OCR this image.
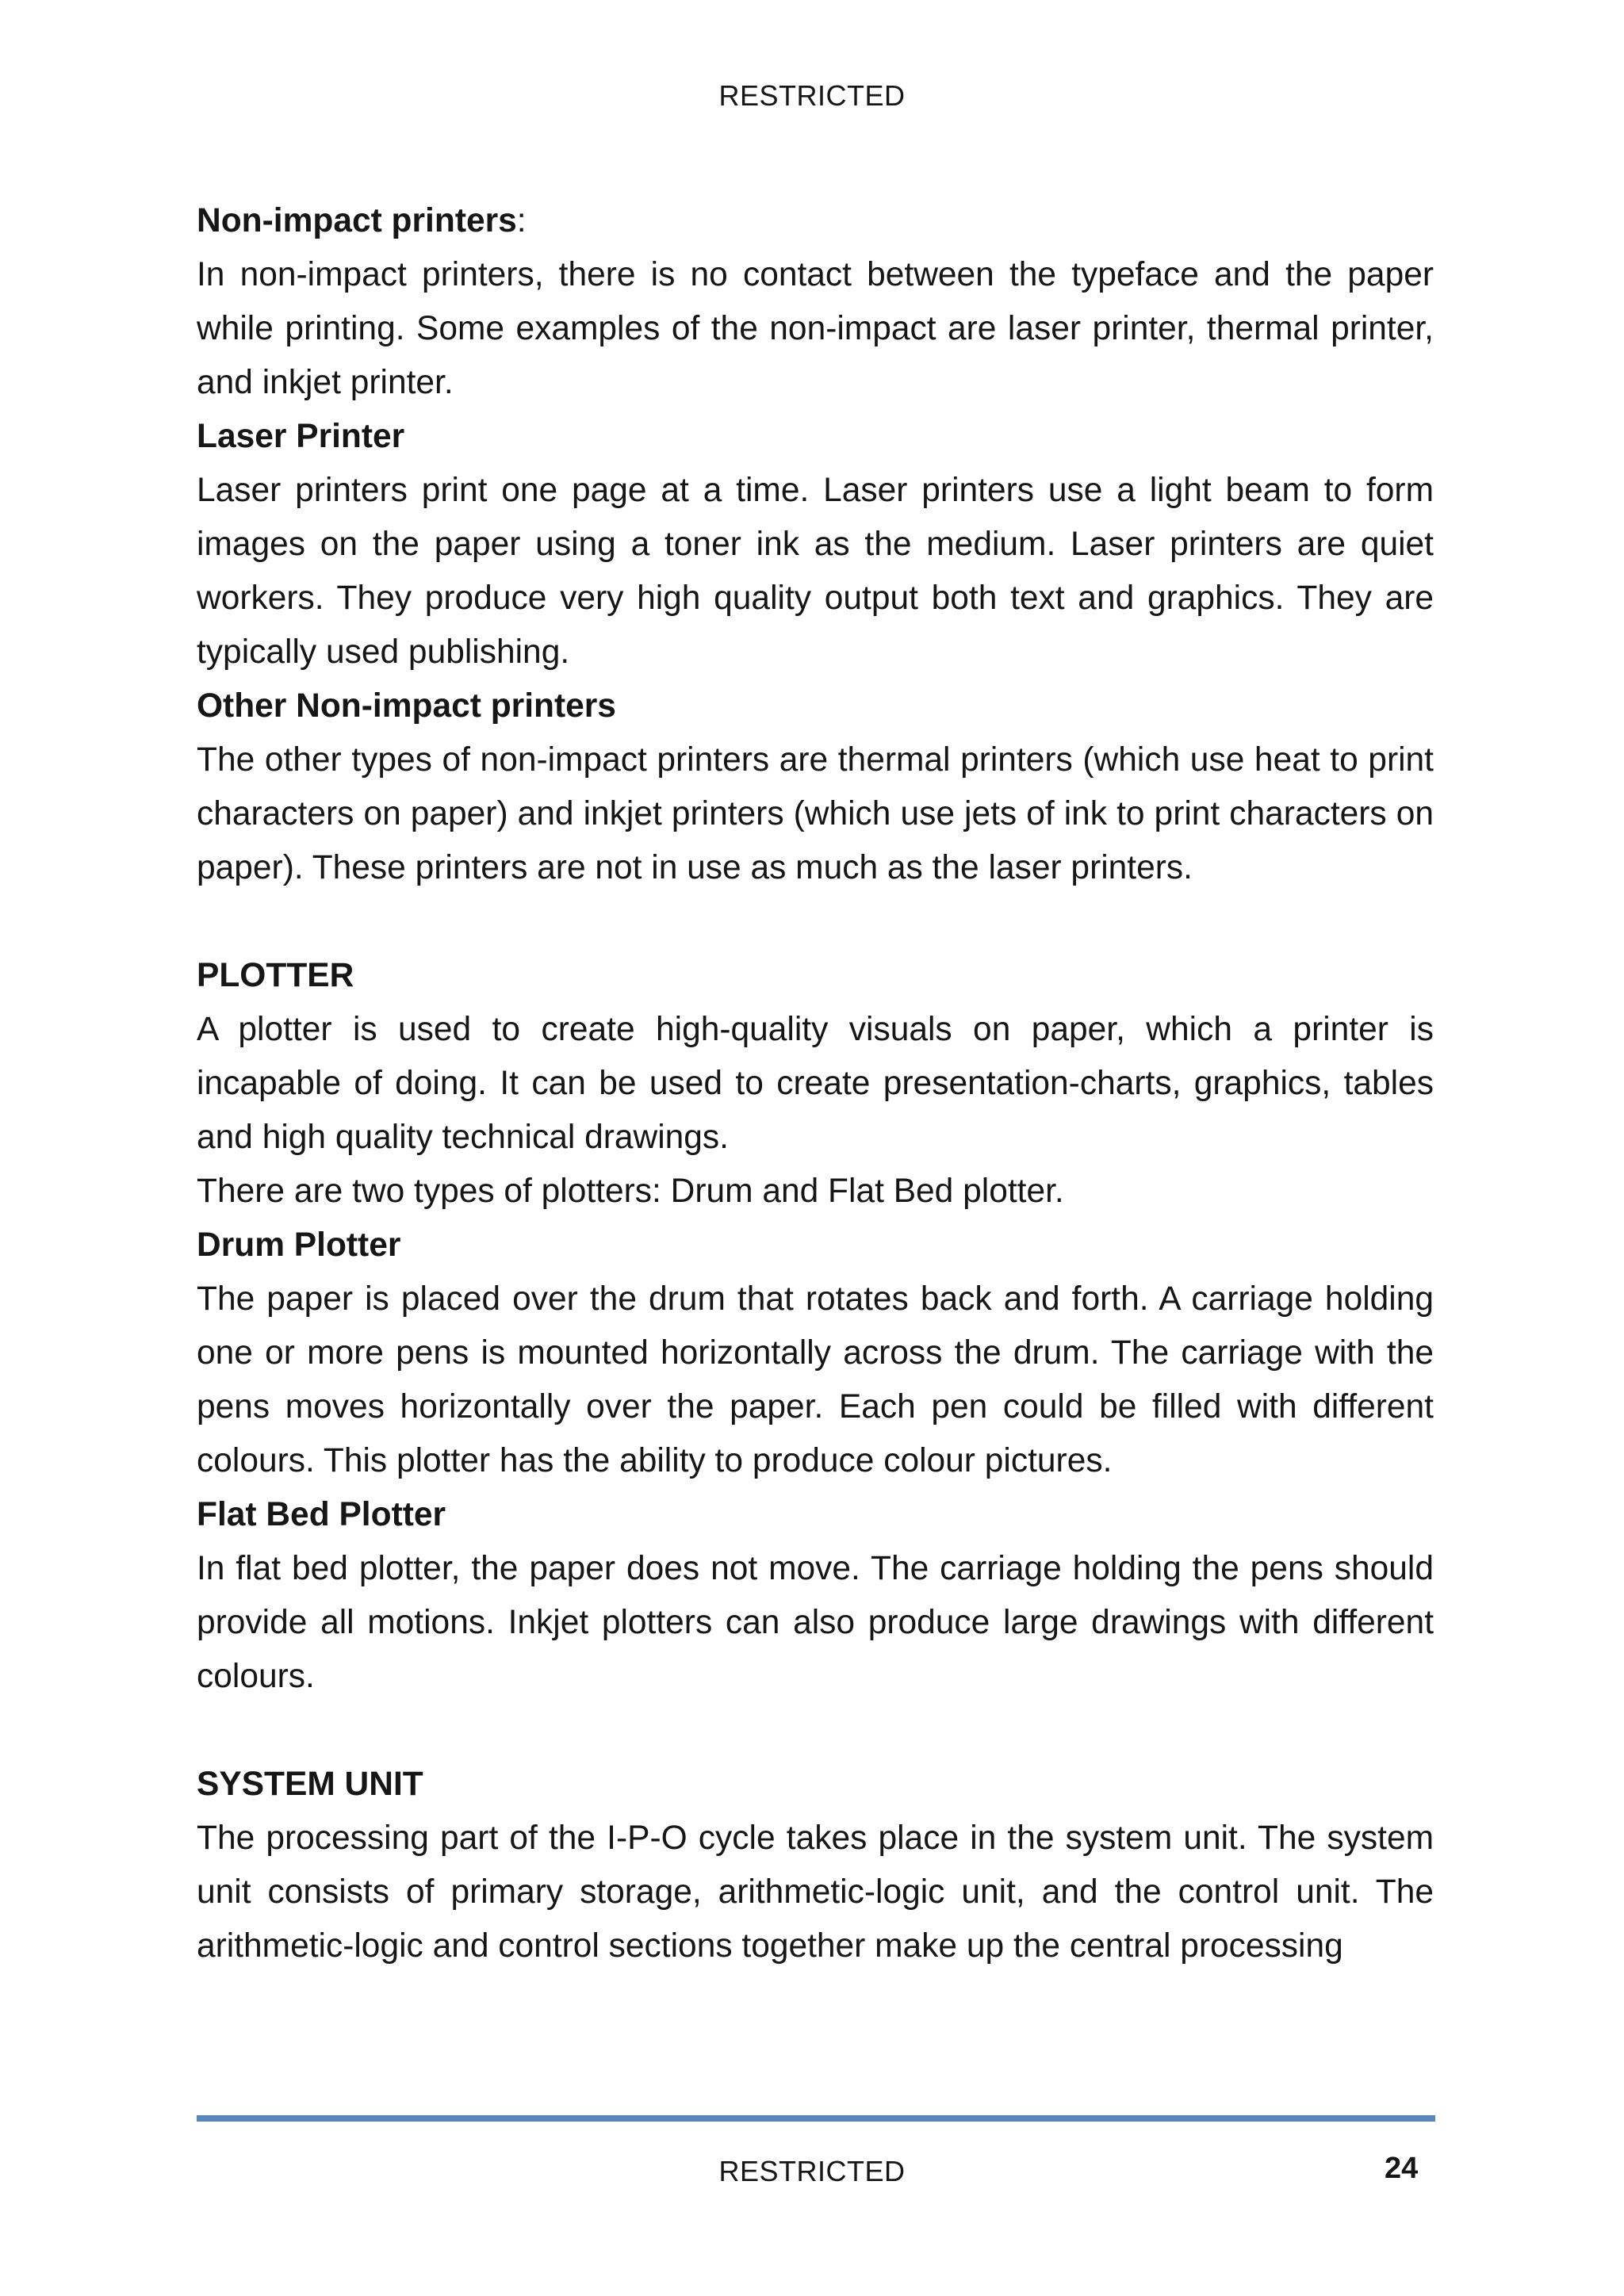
RESTRICTED
Non-impact printers:

In non-impact printers, there is no contact between the typeface and the paper while printing. Some examples of the non-impact are laser printer, thermal printer, and inkjet printer.

Laser Printer

Laser printers print one page at a time. Laser printers use a light beam to form images on the paper using a toner ink as the medium. Laser printers are quiet workers. They produce very high quality output both text and graphics. They are typically used publishing.

Other Non-impact printers

The other types of non-impact printers are thermal printers (which use heat to print characters on paper) and inkjet printers (which use jets of ink to print characters on paper). These printers are not in use as much as the laser printers.

PLOTTER

A plotter is used to create high-quality visuals on paper, which a printer is incapable of doing. It can be used to create presentation-charts, graphics, tables and high quality technical drawings.

There are two types of plotters: Drum and Flat Bed plotter.

Drum Plotter

The paper is placed over the drum that rotates back and forth. A carriage holding one or more pens is mounted horizontally across the drum. The carriage with the pens moves horizontally over the paper. Each pen could be filled with different colours. This plotter has the ability to produce colour pictures.

Flat Bed Plotter

In flat bed plotter, the paper does not move. The carriage holding the pens should provide all motions. Inkjet plotters can also produce large drawings with different colours.

SYSTEM UNIT

The processing part of the I-P-O cycle takes place in the system unit. The system unit consists of primary storage, arithmetic-logic unit, and the control unit. The arithmetic-logic and control sections together make up the central processing

RESTRICTED	24
